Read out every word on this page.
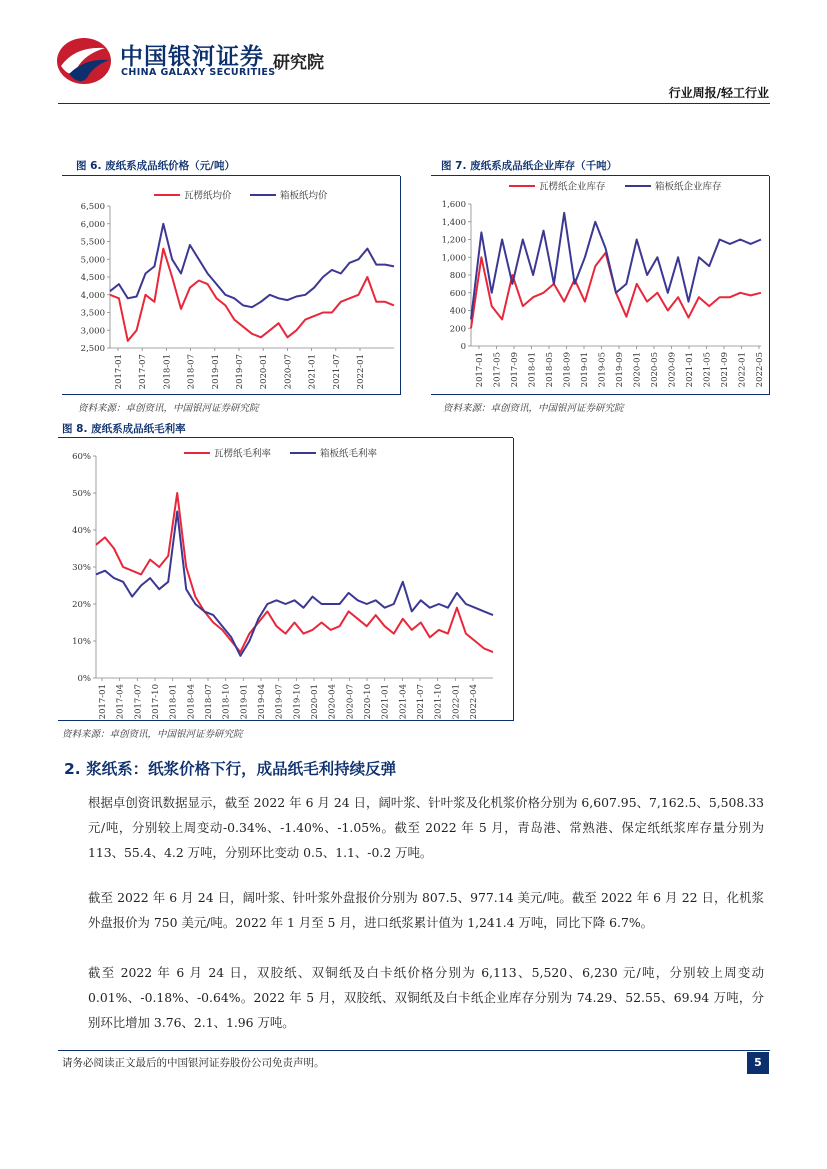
中国银河证券
CHINA GALAXY SECURITIES
研究院
行业周报/轻工行业
图 6. 废纸系成品纸价格（元/吨）
6,500
6,000
5,500
5,000
4,500
4,000
3,500
3,000
2,500
2017-01 2017-07 2018-01 2018-07 2019-01 2019-07 2020-01 2020-07 2021-01 2021-07 2022-01
瓦楞纸均价	箱板纸均价
资料来源：卓创资讯，中国银河证券研究院
图 7. 废纸系成品纸企业库存（千吨）
1,600
1,400
1,200
1,000
800
600
400
200
0
2017-01 2017-05 2017-09 2018-01 2018-05 2018-09 2019-01 2019-05 2019-09 2020-01 2020-05 2020-09 2021-01 2021-05 2021-09 2022-01 2022-05
瓦楞纸企业库存	箱板纸企业库存
资料来源：卓创资讯，中国银河证券研究院
图 8. 废纸系成品纸毛利率
60%
50%
40%
30%
20%
10%
0%
2017-01 2017-04 2017-07 2017-10 2018-01 2018-04 2018-07 2018-10 2019-01 2019-04 2019-07 2019-10 2020-01 2020-04 2020-07 2020-10 2021-01 2021-04 2021-07 2021-10 2022-01 2022-04
瓦楞纸毛利率	箱板纸毛利率
资料来源：卓创资讯，中国银河证券研究院
2. 浆纸系：纸浆价格下行，成品纸毛利持续反弹

根据卓创资讯数据显示，截至 2022 年 6 月 24 日，阔叶浆、针叶浆及化机浆价格分别为 6,607.95、7,162.5、5,508.33 元/吨，分别较上周变动-0.34%、-1.40%、-1.05%。截至 2022 年 5 月，青岛港、常熟港、保定纸纸浆库存量分别为 113、55.4、4.2 万吨，分别环比变动 0.5、1.1、-0.2 万吨。

截至 2022 年 6 月 24 日，阔叶浆、针叶浆外盘报价分别为 807.5、977.14 美元/吨。截至 2022 年 6 月 22 日，化机浆外盘报价为 750 美元/吨。2022 年 1 月至 5 月，进口纸浆累计值为 1,241.4 万吨，同比下降 6.7%。

截至 2022 年 6 月 24 日，双胶纸、双铜纸及白卡纸价格分别为 6,113、5,520、6,230 元/吨，分别较上周变动 0.01%、-0.18%、-0.64%。2022 年 5 月，双胶纸、双铜纸及白卡纸企业库存分别为 74.29、52.55、69.94 万吨，分别环比增加 3.76、2.1、1.96 万吨。

请务必阅读正文最后的中国银河证券股份公司免责声明。	5
